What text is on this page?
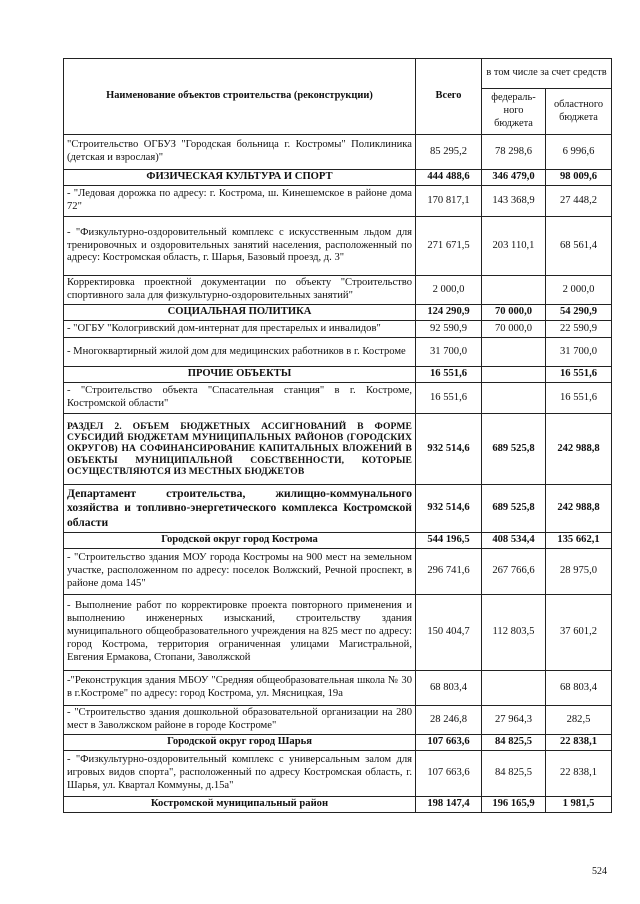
Наименование объектов строительства (реконструкции)	Всего	в том числе за счет средств	
		федераль-ного бюджета	областного бюджета
"Строительство ОГБУЗ "Городская больница г. Костромы" Поликлиника (детская и взрослая)"	85 295,2	78 298,6	6 996,6
ФИЗИЧЕСКАЯ КУЛЬТУРА И СПОРТ	444 488,6	346 479,0	98 009,6
- "Ледовая дорожка по адресу: г. Кострома, ш. Кинешемское в районе дома 72"	170 817,1	143 368,9	27 448,2
- "Физкультурно-оздоровительный комплекс с искусственным льдом для тренировочных и оздоровительных занятий населения, расположенный по адресу: Костромская область, г. Шарья, Базовый проезд, д. 3"	271 671,5	203 110,1	68 561,4
Корректировка проектной документации по объекту "Строительство спортивного зала для физкультурно-оздоровительных занятий"	2 000,0		2 000,0
СОЦИАЛЬНАЯ ПОЛИТИКА	124 290,9	70 000,0	54 290,9
- "ОГБУ "Кологривский дом-интернат для престарелых и инвалидов"	92 590,9	70 000,0	22 590,9
- Многоквартирный жилой дом для медицинских работников в г. Костроме	31 700,0		31 700,0
ПРОЧИЕ ОБЪЕКТЫ	16 551,6		16 551,6
- "Строительство объекта "Спасательная станция" в г. Костроме, Костромской области"	16 551,6		16 551,6
РАЗДЕЛ 2. ОБЪЕМ БЮДЖЕТНЫХ АССИГНОВАНИЙ В ФОРМЕ СУБСИДИЙ БЮДЖЕТАМ МУНИЦИПАЛЬНЫХ РАЙОНОВ (ГОРОДСКИХ ОКРУГОВ) НА СОФИНАНСИРОВАНИЕ КАПИТАЛЬНЫХ ВЛОЖЕНИЙ В ОБЪЕКТЫ МУНИЦИПАЛЬНОЙ СОБСТВЕННОСТИ, КОТОРЫЕ ОСУЩЕСТВЛЯЮТСЯ ИЗ МЕСТНЫХ БЮДЖЕТОВ	932 514,6	689 525,8	242 988,8
Департамент строительства, жилищно-коммунального хозяйства и топливно-энергетического комплекса Костромской области	932 514,6	689 525,8	242 988,8
Городской округ город Кострома	544 196,5	408 534,4	135 662,1
- "Строительство здания МОУ города Костромы на 900 мест на земельном участке, расположенном по адресу: поселок Волжский, Речной проспект, в районе дома 145"	296 741,6	267 766,6	28 975,0
- Выполнение работ по корректировке проекта повторного применения и выполнению инженерных изысканий, строительству здания муниципального общеобразовательного учреждения на 825 мест по адресу: город Кострома, территория ограниченная улицами Магистральной, Евгения Ермакова, Стопани, Заволжской	150 404,7	112 803,5	37 601,2
-"Реконструкция здания МБОУ "Средняя общеобразовательная школа № 30 в г.Костроме" по адресу: город Кострома, ул. Мясницкая, 19а	68 803,4		68 803,4
- "Строительство здания дошкольной образовательной организации на 280 мест в Заволжском районе в городе Костроме"	28 246,8	27 964,3	282,5
Городской округ город Шарья	107 663,6	84 825,5	22 838,1
- "Физкультурно-оздоровительный комплекс с универсальным залом для игровых видов спорта", расположенный по адресу Костромская область, г. Шарья, ул. Квартал Коммуны, д.15а"	107 663,6	84 825,5	22 838,1
Костромской муниципальный район	198 147,4	196 165,9	1 981,5
524
